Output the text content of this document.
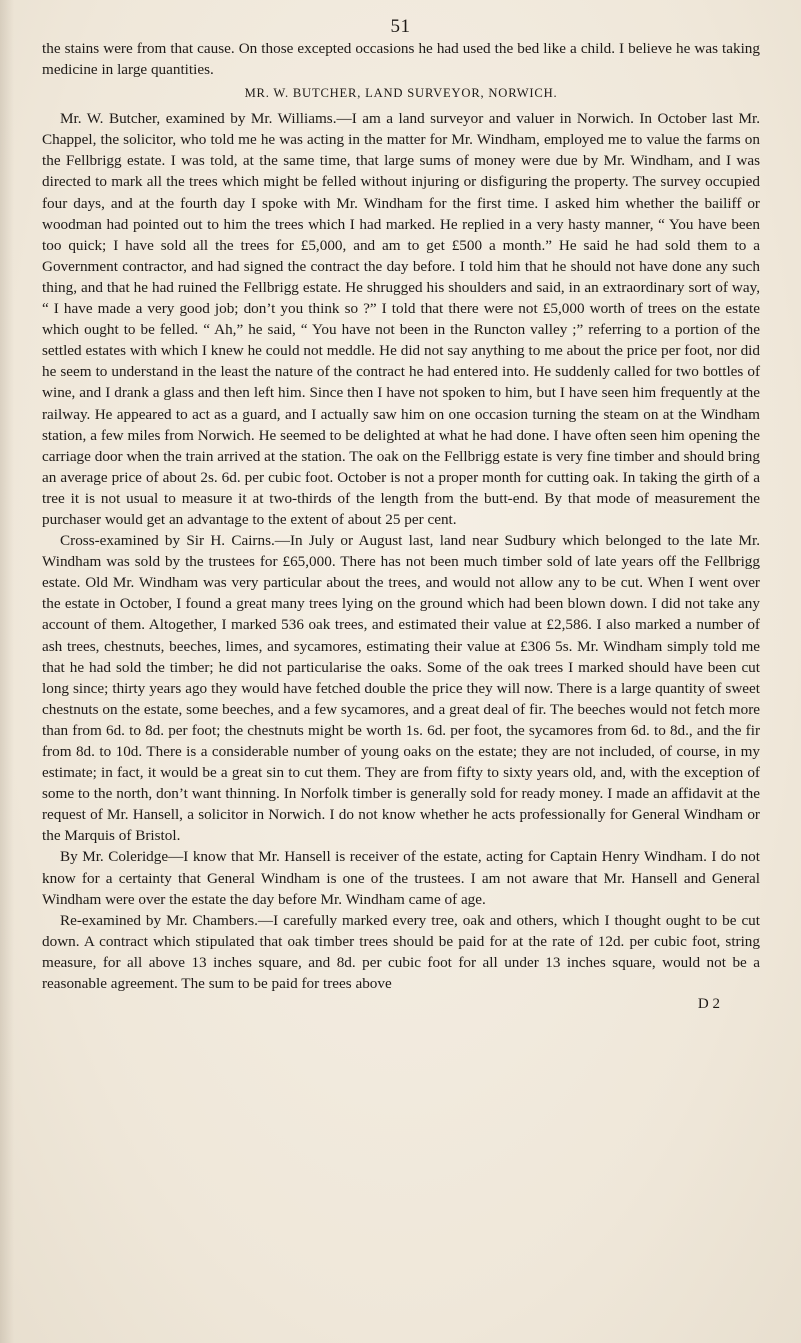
51

the stains were from that cause. On those excepted occasions he had used the bed like a child. I believe he was taking medicine in large quantities.

MR. W. BUTCHER, LAND SURVEYOR, NORWICH.

Mr. W. Butcher, examined by Mr. Williams.—I am a land surveyor and valuer in Norwich. In October last Mr. Chappel, the solicitor, who told me he was acting in the matter for Mr. Windham, employed me to value the farms on the Fellbrigg estate. I was told, at the same time, that large sums of money were due by Mr. Windham, and I was directed to mark all the trees which might be felled without injuring or disfiguring the property. The survey occupied four days, and at the fourth day I spoke with Mr. Windham for the first time. I asked him whether the bailiff or woodman had pointed out to him the trees which I had marked. He replied in a very hasty manner, “ You have been too quick; I have sold all the trees for £5,000, and am to get £500 a month.” He said he had sold them to a Government contractor, and had signed the contract the day before. I told him that he should not have done any such thing, and that he had ruined the Fellbrigg estate. He shrugged his shoulders and said, in an extraordinary sort of way, “ I have made a very good job; don’t you think so ?” I told that there were not £5,000 worth of trees on the estate which ought to be felled. “ Ah,” he said, “ You have not been in the Runcton valley ;” referring to a portion of the settled estates with which I knew he could not meddle. He did not say anything to me about the price per foot, nor did he seem to understand in the least the nature of the contract he had entered into. He suddenly called for two bottles of wine, and I drank a glass and then left him. Since then I have not spoken to him, but I have seen him frequently at the railway. He appeared to act as a guard, and I actually saw him on one occasion turning the steam on at the Windham station, a few miles from Norwich. He seemed to be delighted at what he had done. I have often seen him opening the carriage door when the train arrived at the station. The oak on the Fellbrigg estate is very fine timber and should bring an average price of about 2s. 6d. per cubic foot. October is not a proper month for cutting oak. In taking the girth of a tree it is not usual to measure it at two-thirds of the length from the butt-end. By that mode of measurement the purchaser would get an advantage to the extent of about 25 per cent.

Cross-examined by Sir H. Cairns.—In July or August last, land near Sudbury which belonged to the late Mr. Windham was sold by the trustees for £65,000. There has not been much timber sold of late years off the Fellbrigg estate. Old Mr. Windham was very particular about the trees, and would not allow any to be cut. When I went over the estate in October, I found a great many trees lying on the ground which had been blown down. I did not take any account of them. Altogether, I marked 536 oak trees, and estimated their value at £2,586. I also marked a number of ash trees, chestnuts, beeches, limes, and sycamores, estimating their value at £306 5s. Mr. Windham simply told me that he had sold the timber; he did not particularise the oaks. Some of the oak trees I marked should have been cut long since; thirty years ago they would have fetched double the price they will now. There is a large quantity of sweet chestnuts on the estate, some beeches, and a few sycamores, and a great deal of fir. The beeches would not fetch more than from 6d. to 8d. per foot; the chestnuts might be worth 1s. 6d. per foot, the sycamores from 6d. to 8d., and the fir from 8d. to 10d. There is a considerable number of young oaks on the estate; they are not included, of course, in my estimate; in fact, it would be a great sin to cut them. They are from fifty to sixty years old, and, with the exception of some to the north, don’t want thinning. In Norfolk timber is generally sold for ready money. I made an affidavit at the request of Mr. Hansell, a solicitor in Norwich. I do not know whether he acts professionally for General Windham or the Marquis of Bristol.

By Mr. Coleridge—I know that Mr. Hansell is receiver of the estate, acting for Captain Henry Windham. I do not know for a certainty that General Windham is one of the trustees. I am not aware that Mr. Hansell and General Windham were over the estate the day before Mr. Windham came of age.

Re-examined by Mr. Chambers.—I carefully marked every tree, oak and others, which I thought ought to be cut down. A contract which stipulated that oak timber trees should be paid for at the rate of 12d. per cubic foot, string measure, for all above 13 inches square, and 8d. per cubic foot for all under 13 inches square, would not be a reasonable agreement. The sum to be paid for trees above

D 2
